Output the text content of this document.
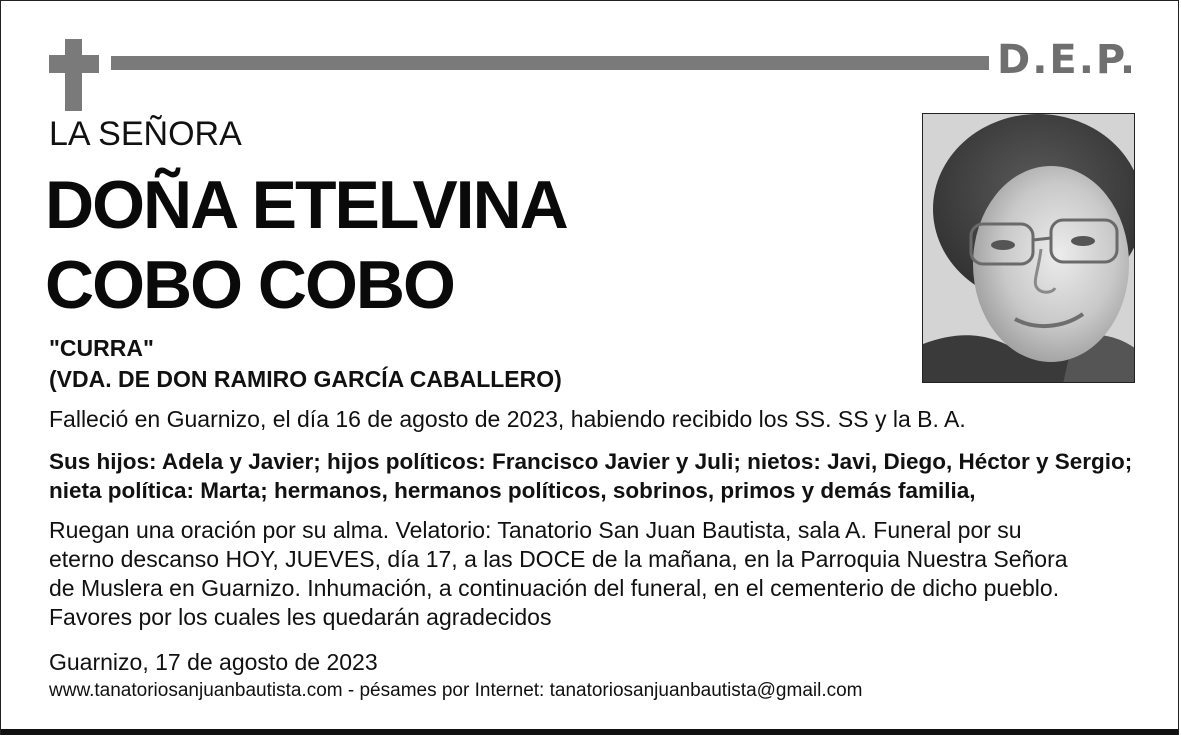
D.E.P.
LA SEÑORA
DOÑA ETELVINA
COBO COBO
"CURRA"
(VDA. DE DON RAMIRO GARCÍA CABALLERO)
Falleció en Guarnizo, el día 16 de agosto de 2023, habiendo recibido los SS. SS y la B. A.
Sus hijos: Adela y Javier; hijos políticos: Francisco Javier y Juli; nietos: Javi, Diego, Héctor y Sergio;
nieta política: Marta; hermanos, hermanos políticos, sobrinos, primos y demás familia,
Ruegan una oración por su alma. Velatorio: Tanatorio San Juan Bautista, sala A. Funeral por su
eterno descanso HOY, JUEVES, día 17, a las DOCE de la mañana, en la Parroquia Nuestra Señora
de Muslera en Guarnizo. Inhumación, a continuación del funeral, en el cementerio de dicho pueblo.
Favores por los cuales les quedarán agradecidos
Guarnizo, 17 de agosto de 2023
www.tanatoriosanjuanbautista.com - pésames por Internet: tanatoriosanjuanbautista@gmail.com
